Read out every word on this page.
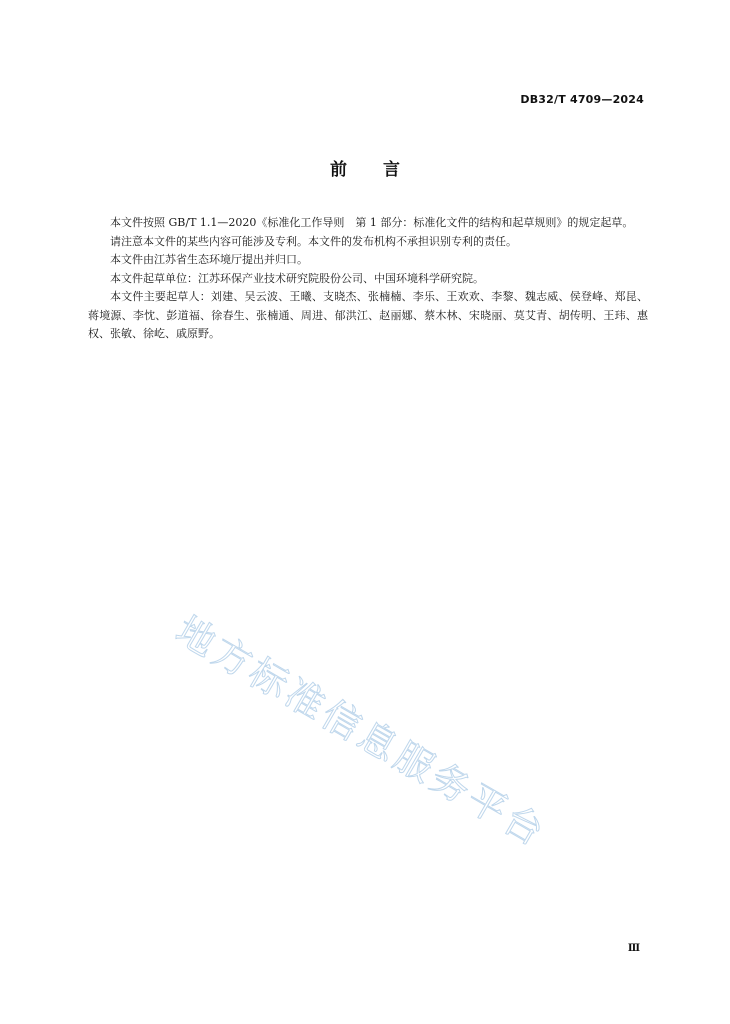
DB32/T 4709—2024
前言

本文件按照 GB/T 1.1—2020《标准化工作导则　第 1 部分：标准化文件的结构和起草规则》的规定起草。

请注意本文件的某些内容可能涉及专利。本文件的发布机构不承担识别专利的责任。

本文件由江苏省生态环境厅提出并归口。

本文件起草单位：江苏环保产业技术研究院股份公司、中国环境科学研究院。

本文件主要起草人：刘建、吴云波、王曦、支晓杰、张楠楠、李乐、王欢欢、李黎、魏志威、侯登峰、郑昆、蒋境源、李忱、彭道福、徐春生、张楠通、周进、郁洪江、赵丽娜、蔡木林、宋晓丽、莫艾青、胡传明、王玮、惠权、张敏、徐屹、戚原野。

地方标准信息服务平台
Ⅲ
